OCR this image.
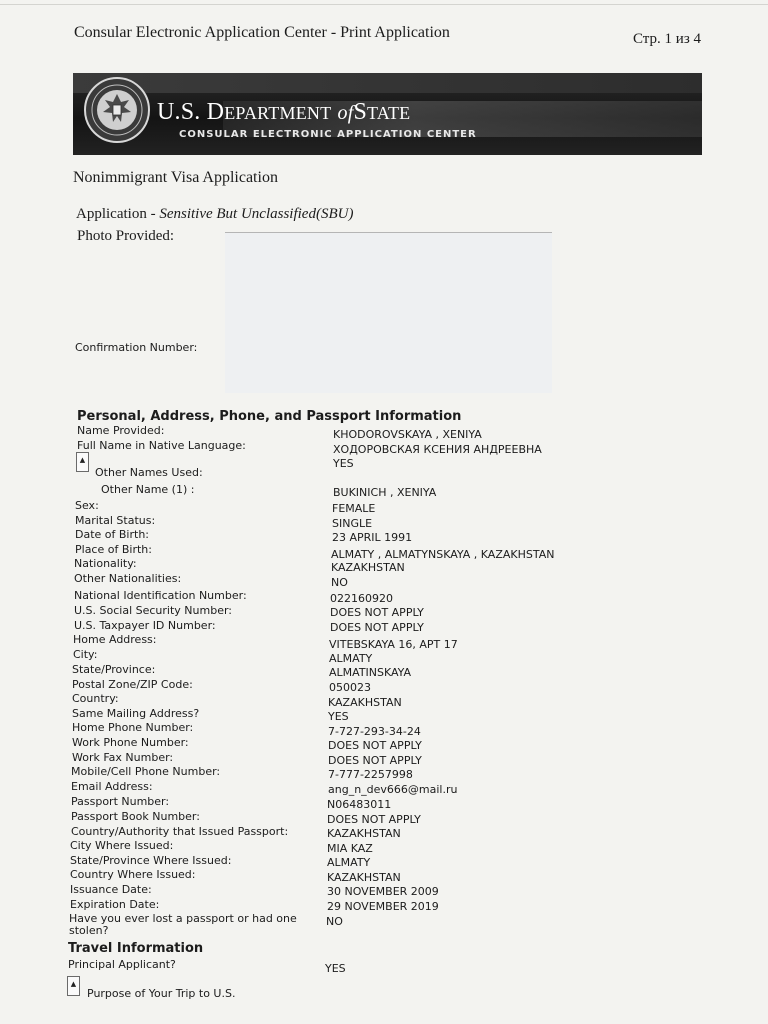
Consular Electronic Application Center - Print Application	Стр. 1 из 4
U.S. DEPARTMENT ofSTATE
CONSULAR ELECTRONIC APPLICATION CENTER
Nonimmigrant Visa Application
Application - Sensitive But Unclassified(SBU)
Photo Provided:
Confirmation Number:
Personal, Address, Phone, and Passport Information
Name Provided:	KHODOROVSKAYA , XENIYA
Full Name in Native Language:	ХОДОРОВСКАЯ КСЕНИЯ АНДРЕЕВНА
Other Names Used:
YES
Other Name (1) :	BUKINICH , XENIYA
Sex:	FEMALE
Marital Status:	SINGLE
Date of Birth:	23 APRIL 1991
Place of Birth:	ALMATY , ALMATYNSKAYA , KAZAKHSTAN
Nationality:	KAZAKHSTAN
Other Nationalities:	NO
National Identification Number:	022160920
U.S. Social Security Number:	DOES NOT APPLY
U.S. Taxpayer ID Number:	DOES NOT APPLY
Home Address:	VITEBSKAYA 16, APT 17
City:	ALMATY
State/Province:	ALMATINSKAYA
Postal Zone/ZIP Code:	050023
Country:	KAZAKHSTAN
Same Mailing Address?	YES
Home Phone Number:	7-727-293-34-24
Work Phone Number:	DOES NOT APPLY
Work Fax Number:	DOES NOT APPLY
Mobile/Cell Phone Number:	7-777-2257998
Email Address:	ang_n_dev666@mail.ru
Passport Number:	N06483011
Passport Book Number:	DOES NOT APPLY
Country/Authority that Issued Passport:	KAZAKHSTAN
City Where Issued:	MIA KAZ
State/Province Where Issued:	ALMATY
Country Where Issued:	KAZAKHSTAN
Issuance Date:	30 NOVEMBER 2009
Expiration Date:	29 NOVEMBER 2019
Have you ever lost a passport or had one	NO
stolen?
▲
Travel Information
Principal Applicant?	YES
Purpose of Your Trip to U.S.
▲
